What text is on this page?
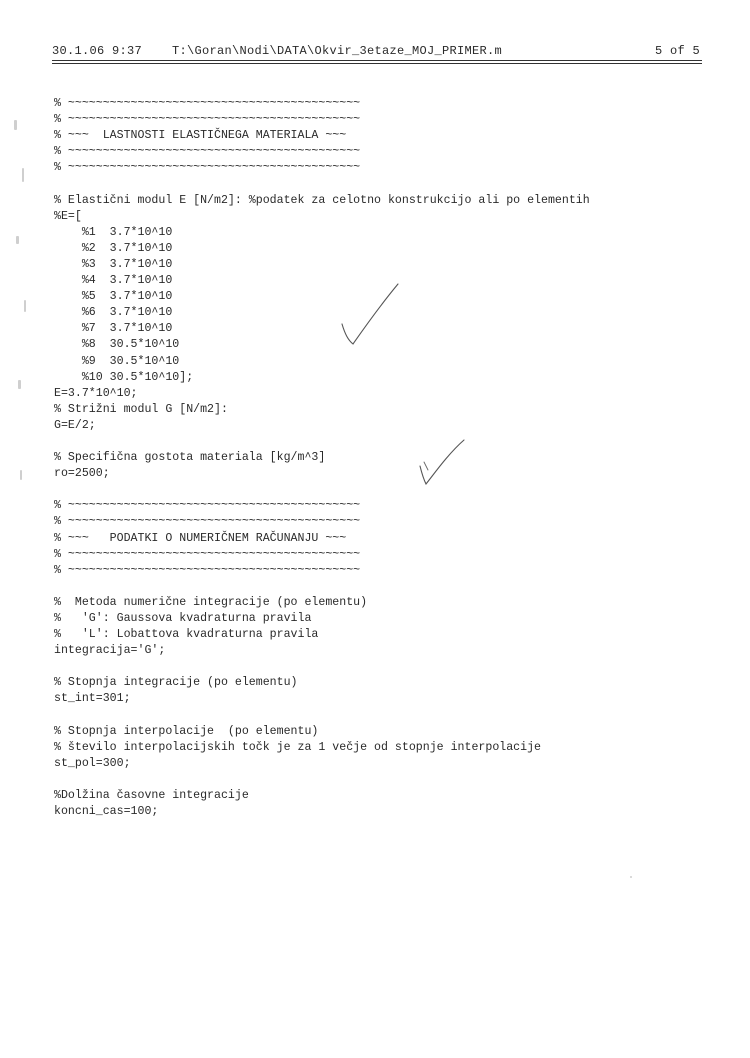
30.1.06 9:37 T:\Goran\Nodi\DATA\Okvir_3etaze_MOJ_PRIMER.m	5 of 5
% ~~~~~~~~~~~~~~~~~~~~~~~~~~~~~~~~~~~~~~~~~~
% ~~~~~~~~~~~~~~~~~~~~~~~~~~~~~~~~~~~~~~~~~~
% ~~~  LASTNOSTI ELASTIČNEGA MATERIALA ~~~
% ~~~~~~~~~~~~~~~~~~~~~~~~~~~~~~~~~~~~~~~~~~
% ~~~~~~~~~~~~~~~~~~~~~~~~~~~~~~~~~~~~~~~~~~
% Elastični modul E [N/m2]: %podatek za celotno konstrukcijo ali po elementih
%E=[
%1  3.7*10^10
%2  3.7*10^10
%3  3.7*10^10
%4  3.7*10^10
%5  3.7*10^10
%6  3.7*10^10
%7  3.7*10^10
%8  30.5*10^10
%9  30.5*10^10
%10 30.5*10^10];
E=3.7*10^10;
% Strižni modul G [N/m2]:
G=E/2;
% Specifična gostota materiala [kg/m^3]
ro=2500;
% ~~~~~~~~~~~~~~~~~~~~~~~~~~~~~~~~~~~~~~~~~~
% ~~~~~~~~~~~~~~~~~~~~~~~~~~~~~~~~~~~~~~~~~~
% ~~~   PODATKI O NUMERIČNEM RAČUNANJU ~~~
% ~~~~~~~~~~~~~~~~~~~~~~~~~~~~~~~~~~~~~~~~~~
% ~~~~~~~~~~~~~~~~~~~~~~~~~~~~~~~~~~~~~~~~~~
%  Metoda numerične integracije (po elementu)
%   'G': Gaussova kvadraturna pravila
%   'L': Lobattova kvadraturna pravila
integracija='G';
% Stopnja integracije (po elementu)
st_int=301;
% Stopnja interpolacije  (po elementu)
% število interpolacijskih točk je za 1 večje od stopnje interpolacije
st_pol=300;
%Dolžina časovne integracije
koncni_cas=100;
